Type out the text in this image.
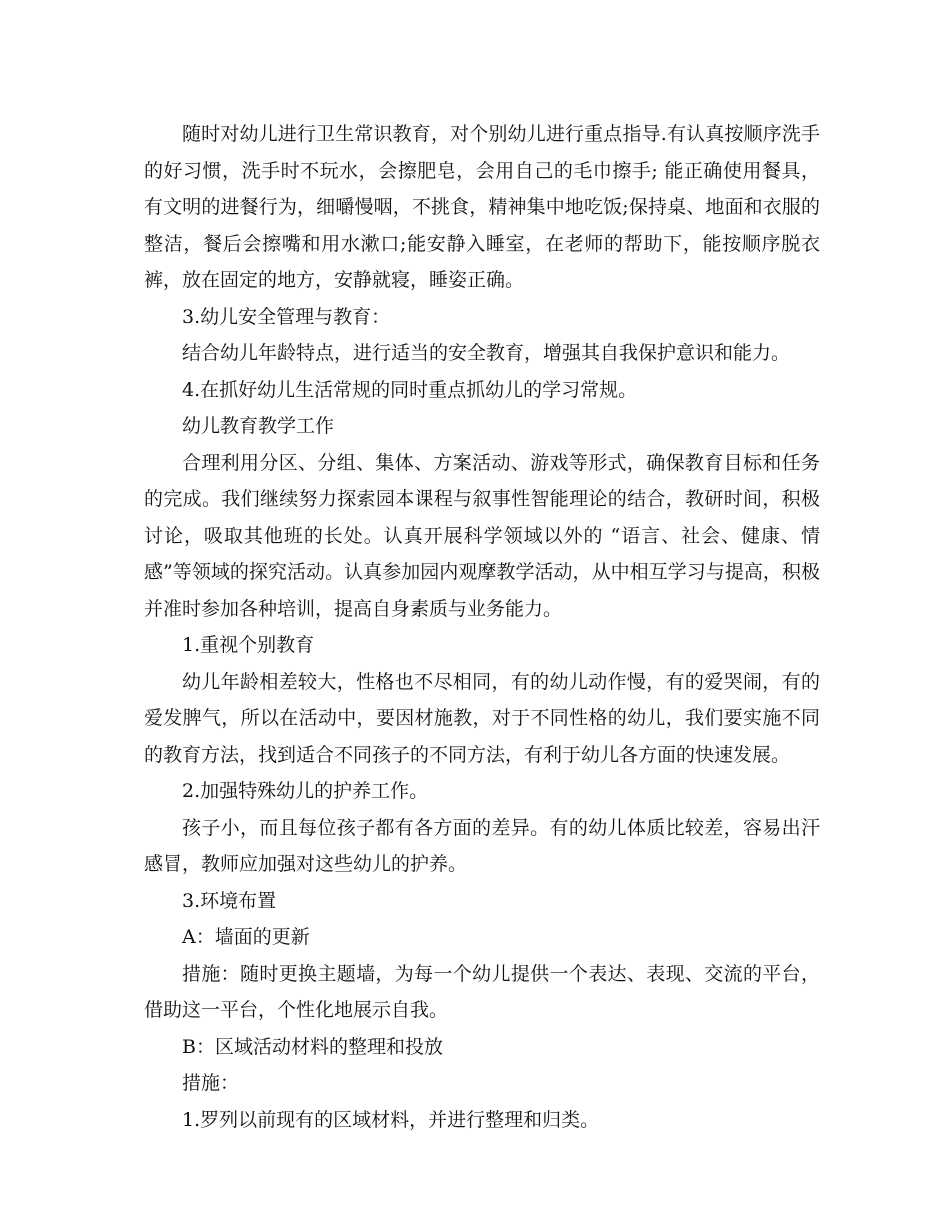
随时对幼儿进行卫生常识教育，对个别幼儿进行重点指导.有认真按顺序洗手的好习惯，洗手时不玩水，会擦肥皂，会用自己的毛巾擦手; 能正确使用餐具，有文明的进餐行为，细嚼慢咽，不挑食，精神集中地吃饭;保持桌、地面和衣服的整洁，餐后会擦嘴和用水漱口;能安静入睡室，在老师的帮助下，能按顺序脱衣裤，放在固定的地方，安静就寝，睡姿正确。

3.幼儿安全管理与教育：

结合幼儿年龄特点，进行适当的安全教育，增强其自我保护意识和能力。

4.在抓好幼儿生活常规的同时重点抓幼儿的学习常规。

幼儿教育教学工作

合理利用分区、分组、集体、方案活动、游戏等形式，确保教育目标和任务的完成。我们继续努力探索园本课程与叙事性智能理论的结合，教研时间，积极讨论，吸取其他班的长处。认真开展科学领域以外的 “语言、社会、健康、情感”等领域的探究活动。认真参加园内观摩教学活动，从中相互学习与提高，积极并准时参加各种培训，提高自身素质与业务能力。

1.重视个别教育

幼儿年龄相差较大，性格也不尽相同，有的幼儿动作慢，有的爱哭闹，有的爱发脾气，所以在活动中，要因材施教，对于不同性格的幼儿，我们要实施不同的教育方法，找到适合不同孩子的不同方法，有利于幼儿各方面的快速发展。

2.加强特殊幼儿的护养工作。

孩子小，而且每位孩子都有各方面的差异。有的幼儿体质比较差，容易出汗感冒，教师应加强对这些幼儿的护养。

3.环境布置

A：墙面的更新

措施：随时更换主题墙，为每一个幼儿提供一个表达、表现、交流的平台，借助这一平台，个性化地展示自我。

B：区域活动材料的整理和投放

措施：

1.罗列以前现有的区域材料，并进行整理和归类。
